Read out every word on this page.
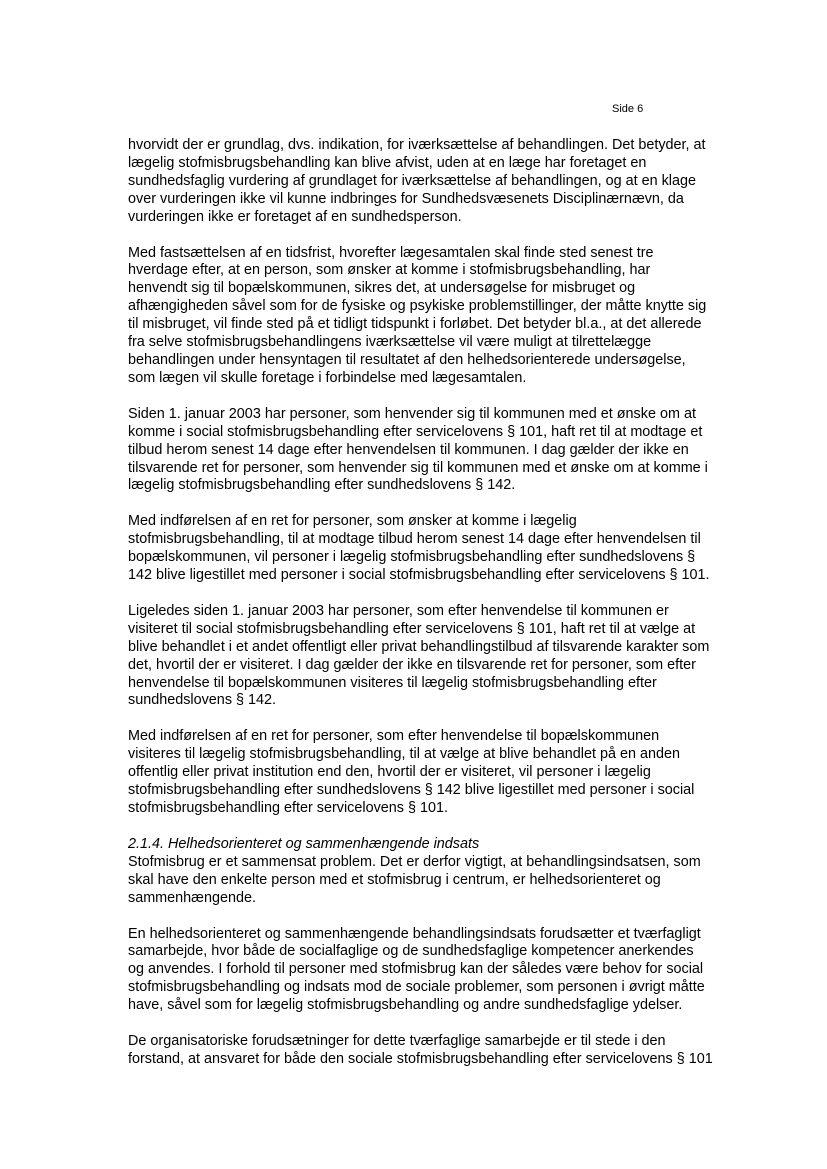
Side 6
hvorvidt der er grundlag, dvs. indikation, for iværksættelse af behandlingen. Det betyder, at
lægelig stofmisbrugsbehandling kan blive afvist, uden at en læge har foretaget en
sundhedsfaglig vurdering af grundlaget for iværksættelse af behandlingen, og at en klage
over vurderingen ikke vil kunne indbringes for Sundhedsvæsenets Disciplinærnævn, da
vurderingen ikke er foretaget af en sundhedsperson.
Med fastsættelsen af en tidsfrist, hvorefter lægesamtalen skal finde sted senest tre
hverdage efter, at en person, som ønsker at komme i stofmisbrugsbehandling, har
henvendt sig til bopælskommunen, sikres det, at undersøgelse for misbruget og
afhængigheden såvel som for de fysiske og psykiske problemstillinger, der måtte knytte sig
til misbruget, vil finde sted på et tidligt tidspunkt i forløbet. Det betyder bl.a., at det allerede
fra selve stofmisbrugsbehandlingens iværksættelse vil være muligt at tilrettelægge
behandlingen under hensyntagen til resultatet af den helhedsorienterede undersøgelse,
som lægen vil skulle foretage i forbindelse med lægesamtalen.
Siden 1. januar 2003 har personer, som henvender sig til kommunen med et ønske om at
komme i social stofmisbrugsbehandling efter servicelovens § 101, haft ret til at modtage et
tilbud herom senest 14 dage efter henvendelsen til kommunen. I dag gælder der ikke en
tilsvarende ret for personer, som henvender sig til kommunen med et ønske om at komme i
lægelig stofmisbrugsbehandling efter sundhedslovens § 142.
Med indførelsen af en ret for personer, som ønsker at komme i lægelig
stofmisbrugsbehandling, til at modtage tilbud herom senest 14 dage efter henvendelsen til
bopælskommunen, vil personer i lægelig stofmisbrugsbehandling efter sundhedslovens §
142 blive ligestillet med personer i social stofmisbrugsbehandling efter servicelovens § 101.
Ligeledes siden 1. januar 2003 har personer, som efter henvendelse til kommunen er
visiteret til social stofmisbrugsbehandling efter servicelovens § 101, haft ret til at vælge at
blive behandlet i et andet offentligt eller privat behandlingstilbud af tilsvarende karakter som
det, hvortil der er visiteret. I dag gælder der ikke en tilsvarende ret for personer, som efter
henvendelse til bopælskommunen visiteres til lægelig stofmisbrugsbehandling efter
sundhedslovens § 142.
Med indførelsen af en ret for personer, som efter henvendelse til bopælskommunen
visiteres til lægelig stofmisbrugsbehandling, til at vælge at blive behandlet på en anden
offentlig eller privat institution end den, hvortil der er visiteret, vil personer i lægelig
stofmisbrugsbehandling efter sundhedslovens § 142 blive ligestillet med personer i social
stofmisbrugsbehandling efter servicelovens § 101.
2.1.4. Helhedsorienteret og sammenhængende indsats
Stofmisbrug er et sammensat problem. Det er derfor vigtigt, at behandlingsindsatsen, som
skal have den enkelte person med et stofmisbrug i centrum, er helhedsorienteret og
sammenhængende.
En helhedsorienteret og sammenhængende behandlingsindsats forudsætter et tværfagligt
samarbejde, hvor både de socialfaglige og de sundhedsfaglige kompetencer anerkendes
og anvendes. I forhold til personer med stofmisbrug kan der således være behov for social
stofmisbrugsbehandling og indsats mod de sociale problemer, som personen i øvrigt måtte
have, såvel som for lægelig stofmisbrugsbehandling og andre sundhedsfaglige ydelser.
De organisatoriske forudsætninger for dette tværfaglige samarbejde er til stede i den
forstand, at ansvaret for både den sociale stofmisbrugsbehandling efter servicelovens § 101
